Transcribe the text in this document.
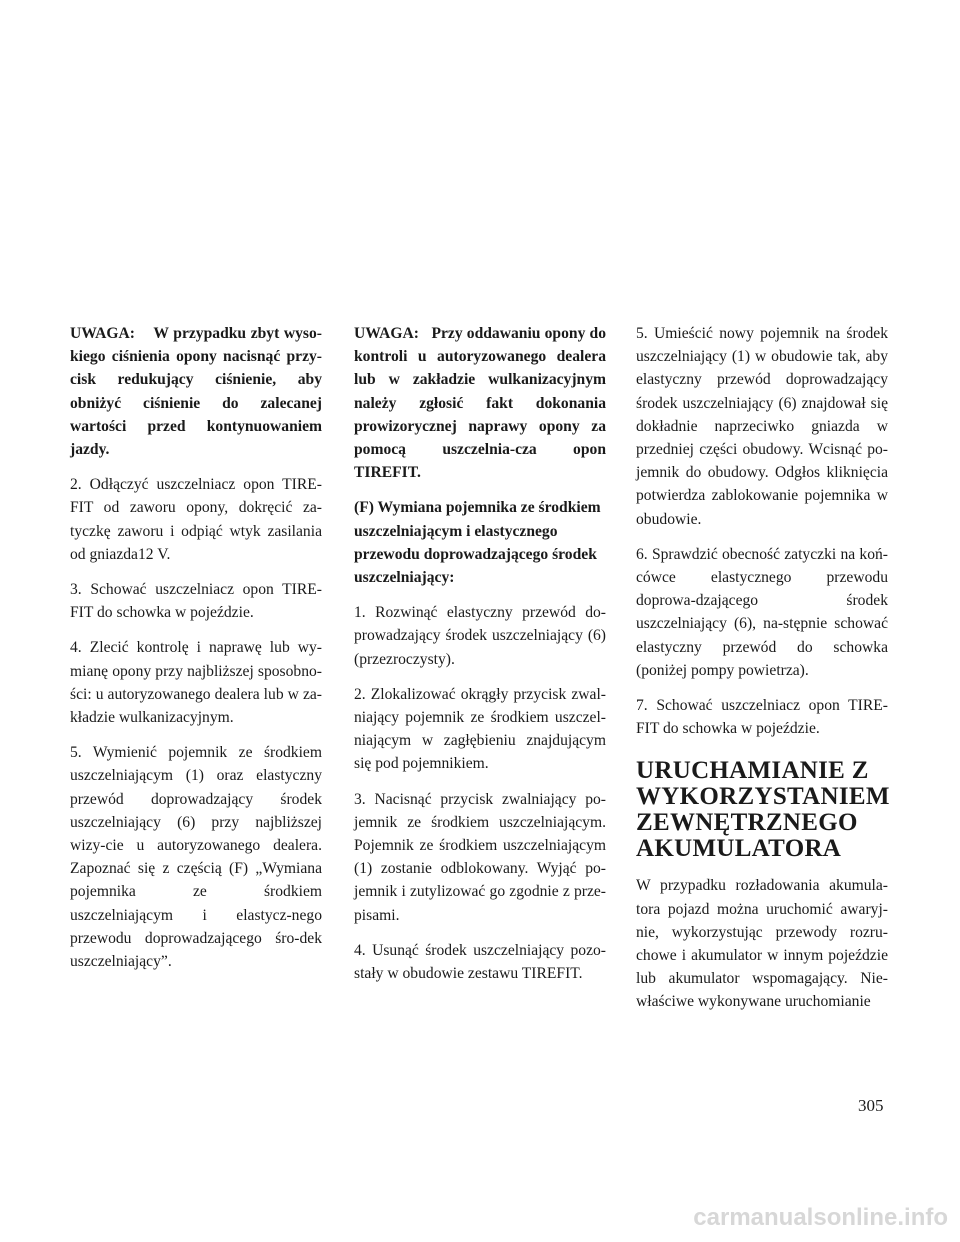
UWAGA:    W przypadku zbyt wyso-kiego ciśnienia opony nacisnąć przy-cisk redukujący ciśnienie, aby obniżyć ciśnienie do zalecanej wartości przed kontynuowaniem jazdy.

2. Odłączyć uszczelniacz opon TIRE-FIT od zaworu opony, dokręcić za-tyczkę zaworu i odpiąć wtyk zasilania od gniazda12 V.

3. Schować uszczelniacz opon TIRE-FIT do schowka w pojeździe.

4. Zlecić kontrolę i naprawę lub wy-mianę opony przy najbliższej sposobno-ści: u autoryzowanego dealera lub w za-kładzie wulkanizacyjnym.

5. Wymienić pojemnik ze środkiem uszczelniającym (1) oraz elastyczny przewód doprowadzający środek uszczelniający (6) przy najbliższej wizy-cie u autoryzowanego dealera. Zapoznać się z częścią (F) „Wymiana pojemnika ze środkiem uszczelniającym i elastycz-nego przewodu doprowadzającego śro-dek uszczelniający”.

UWAGA:   Przy oddawaniu opony do kontroli u autoryzowanego dealera lub w zakładzie wulkanizacyjnym należy zgłosić fakt dokonania prowizorycznej naprawy opony za pomocą uszczelnia-cza opon TIREFIT.

(F) Wymiana pojemnika ze środkiem
uszczelniającym i elastycznego
przewodu doprowadzającego środek
uszczelniający:

1. Rozwinąć elastyczny przewód do-prowadzający środek uszczelniający (6) (przezroczysty).

2. Zlokalizować okrągły przycisk zwal-niający pojemnik ze środkiem uszczel-niającym w zagłębieniu znajdującym się pod pojemnikiem.

3. Nacisnąć przycisk zwalniający po-jemnik ze środkiem uszczelniającym. Pojemnik ze środkiem uszczelniającym (1) zostanie odblokowany. Wyjąć po-jemnik i zutylizować go zgodnie z prze-pisami.

4. Usunąć środek uszczelniający pozo-stały w obudowie zestawu TIREFIT.

5. Umieścić nowy pojemnik na środek uszczelniający (1) w obudowie tak, aby elastyczny przewód doprowadzający środek uszczelniający (6) znajdował się dokładnie naprzeciwko gniazda w przedniej części obudowy. Wcisnąć po-jemnik do obudowy. Odgłos kliknięcia potwierdza zablokowanie pojemnika w obudowie.

6. Sprawdzić obecność zatyczki na koń-cówce elastycznego przewodu doprowa-dzającego środek uszczelniający (6), na-stępnie schować elastyczny przewód do schowka (poniżej pompy powietrza).

7. Schować uszczelniacz opon TIRE-FIT do schowka w pojeździe.

URUCHAMIANIE Z
WYKORZYSTANIEM
ZEWNĘTRZNEGO
AKUMULATORA

W przypadku rozładowania akumula-tora pojazd można uruchomić awaryj-nie, wykorzystując przewody rozru-chowe i akumulator w innym pojeździe lub akumulator wspomagający. Nie-właściwe wykonywane uruchomianie

305
carmanualsonline.info
